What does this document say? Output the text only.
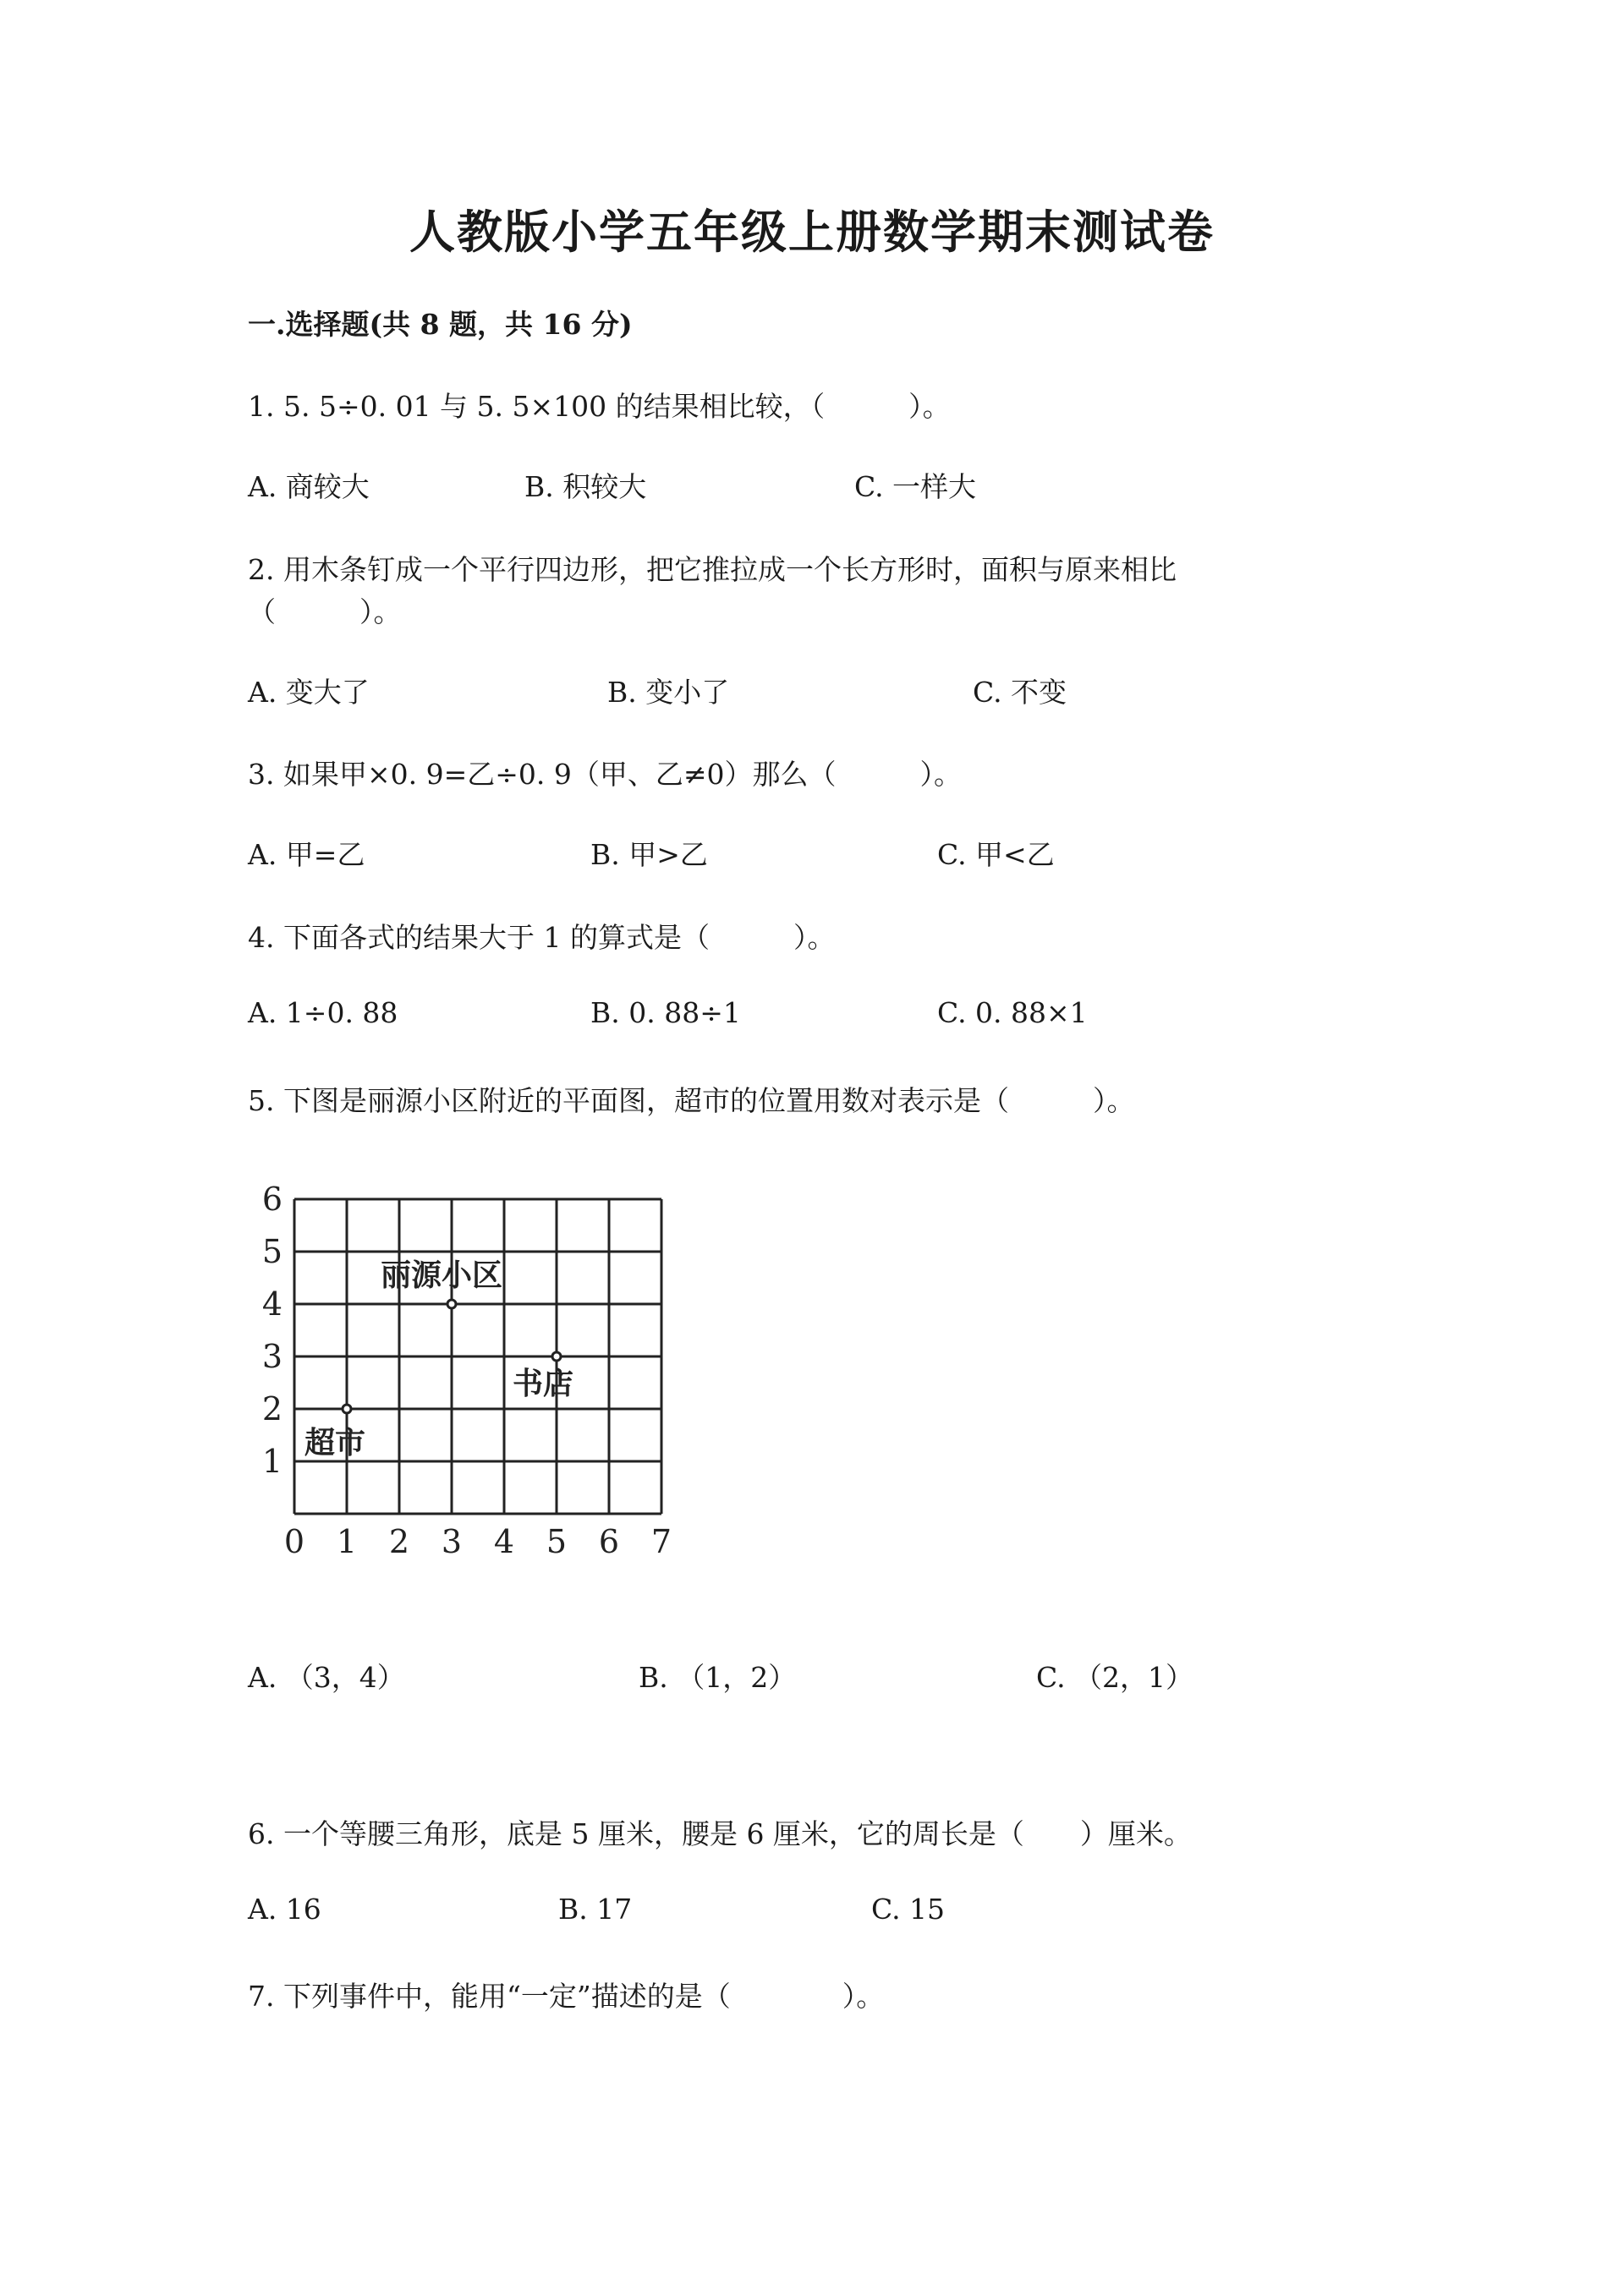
人教版小学五年级上册数学期末测试卷
一.选择题(共 8 题，共 16 分)
1. 5. 5÷0. 01 与 5. 5×100 的结果相比较，（　　　）。
A. 商较大	B. 积较大	C. 一样大
2. 用木条钉成一个平行四边形，把它推拉成一个长方形时，面积与原来相比
（　　　）。
A. 变大了	B. 变小了	C. 不变
3. 如果甲×0. 9=乙÷0. 9（甲、乙≠0）那么（　　　）。
A. 甲=乙	B. 甲>乙	C. 甲<乙
4. 下面各式的结果大于 1 的算式是（　　　）。
A. 1÷0. 88	B. 0. 88÷1	C. 0. 88×1
5. 下图是丽源小区附近的平面图，超市的位置用数对表示是（　　　）。
0 1 2 3 4 5 6 7
1
2
3
4
5
6
丽源小区
书店
超市
A. （3，4）	B. （1，2）	C. （2，1）
6. 一个等腰三角形，底是 5 厘米，腰是 6 厘米，它的周长是（　　）厘米。
A. 16	B. 17	C. 15
7. 下列事件中，能用“一定”描述的是（　　　　）。
